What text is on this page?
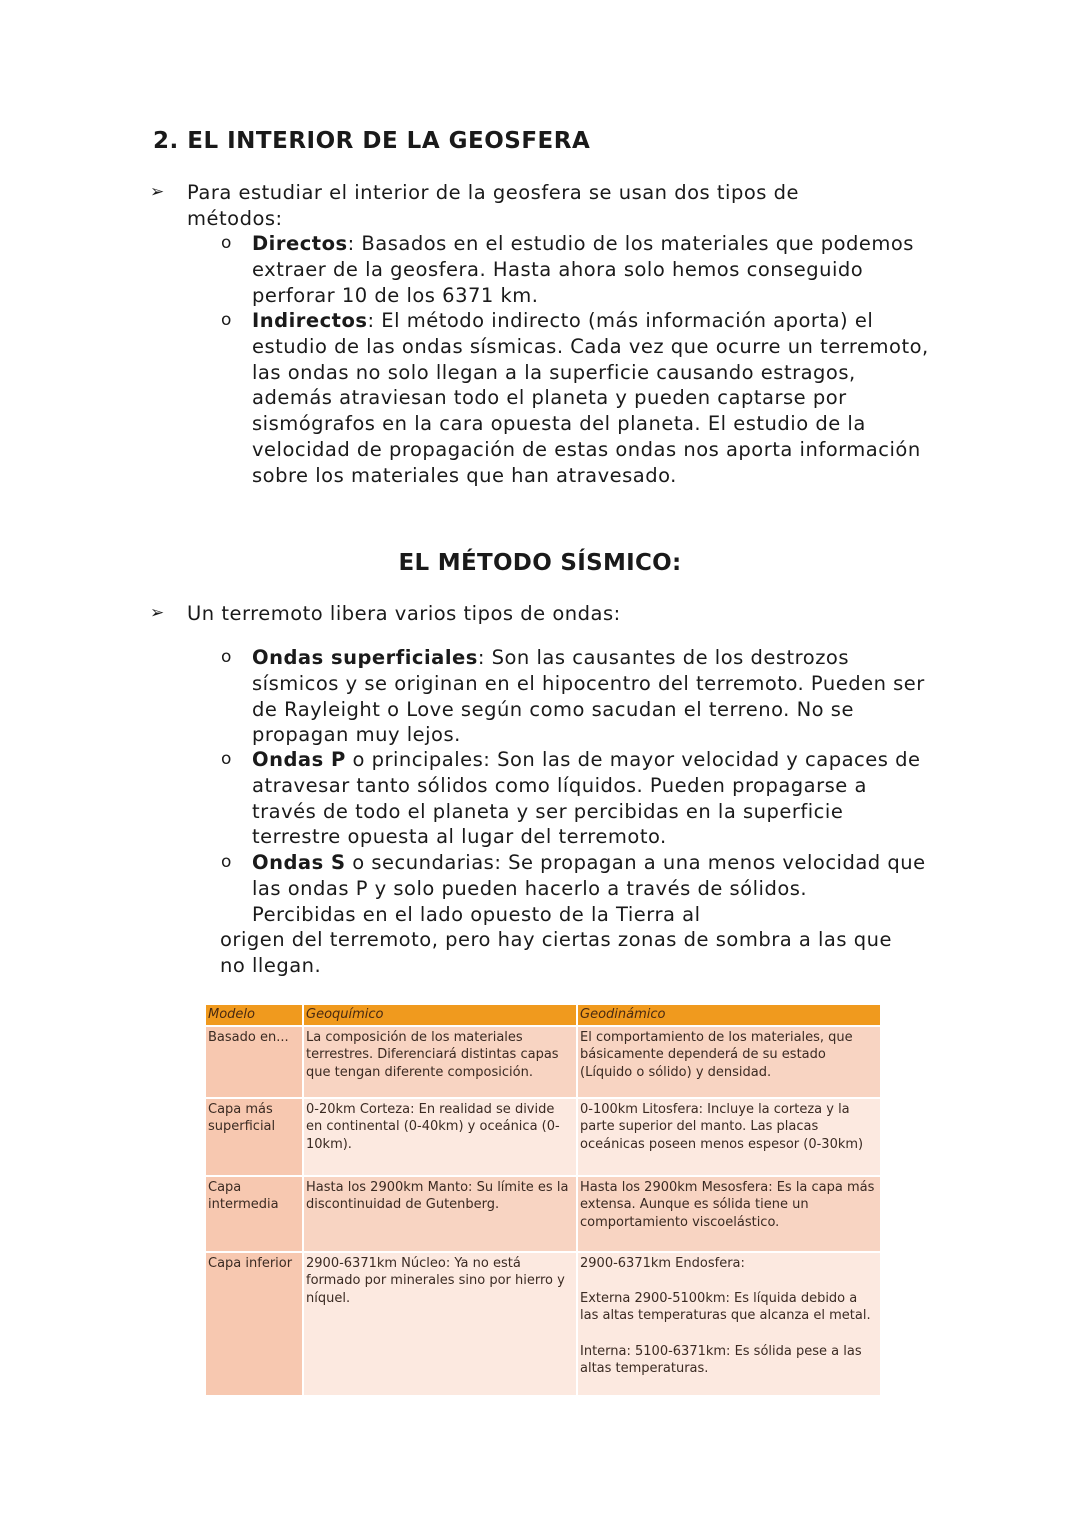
2. EL INTERIOR DE LA GEOSFERA
➢ Para estudiar el interior de la geosfera se usan dos tipos de métodos:
o Directos: Basados en el estudio de los materiales que podemos extraer de la geosfera. Hasta ahora solo hemos conseguido perforar 10 de los 6371 km.
o Indirectos: El método indirecto (más información aporta) el estudio de las ondas sísmicas. Cada vez que ocurre un terremoto, las ondas no solo llegan a la superficie causando estragos, además atraviesan todo el planeta y pueden captarse por sismógrafos en la cara opuesta del planeta. El estudio de la velocidad de propagación de estas ondas nos aporta información sobre los materiales que han atravesado.
EL MÉTODO SÍSMICO:
➢ Un terremoto libera varios tipos de ondas:
o Ondas superficiales: Son las causantes de los destrozos sísmicos y se originan en el hipocentro del terremoto. Pueden ser de Rayleight o Love según como sacudan el terreno. No se propagan muy lejos.
o Ondas P o principales: Son las de mayor velocidad y capaces de atravesar tanto sólidos como líquidos. Pueden propagarse a través de todo el planeta y ser percibidas en la superficie terrestre opuesta al lugar del terremoto.
o Ondas S o secundarias: Se propagan a una menos velocidad que las ondas P y solo pueden hacerlo a través de sólidos.
Percibidas en el lado opuesto de la Tierra al
origen del terremoto, pero hay ciertas zonas de sombra a las que no llegan.
Modelo	Geoquímico	Geodinámico
Basado en...	La composición de los materiales terrestres. Diferenciará distintas capas que tengan diferente composición.	El comportamiento de los materiales, que básicamente dependerá de su estado (Líquido o sólido) y densidad.
Capa más superficial	0-20km Corteza: En realidad se divide en continental (0-40km) y oceánica (0-10km).	0-100km Litosfera: Incluye la corteza y la parte superior del manto. Las placas oceánicas poseen menos espesor (0-30km)
Capa intermedia	Hasta los 2900km Manto: Su límite es la discontinuidad de Gutenberg.	Hasta los 2900km Mesosfera: Es la capa más extensa. Aunque es sólida tiene un comportamiento viscoelástico.
Capa inferior	2900-6371km Núcleo: Ya no está formado por minerales sino por hierro y níquel.	2900-6371km Endosfera:
Externa 2900-5100km: Es líquida debido a las altas temperaturas que alcanza el metal.
Interna: 5100-6371km: Es sólida pese a las altas temperaturas.
